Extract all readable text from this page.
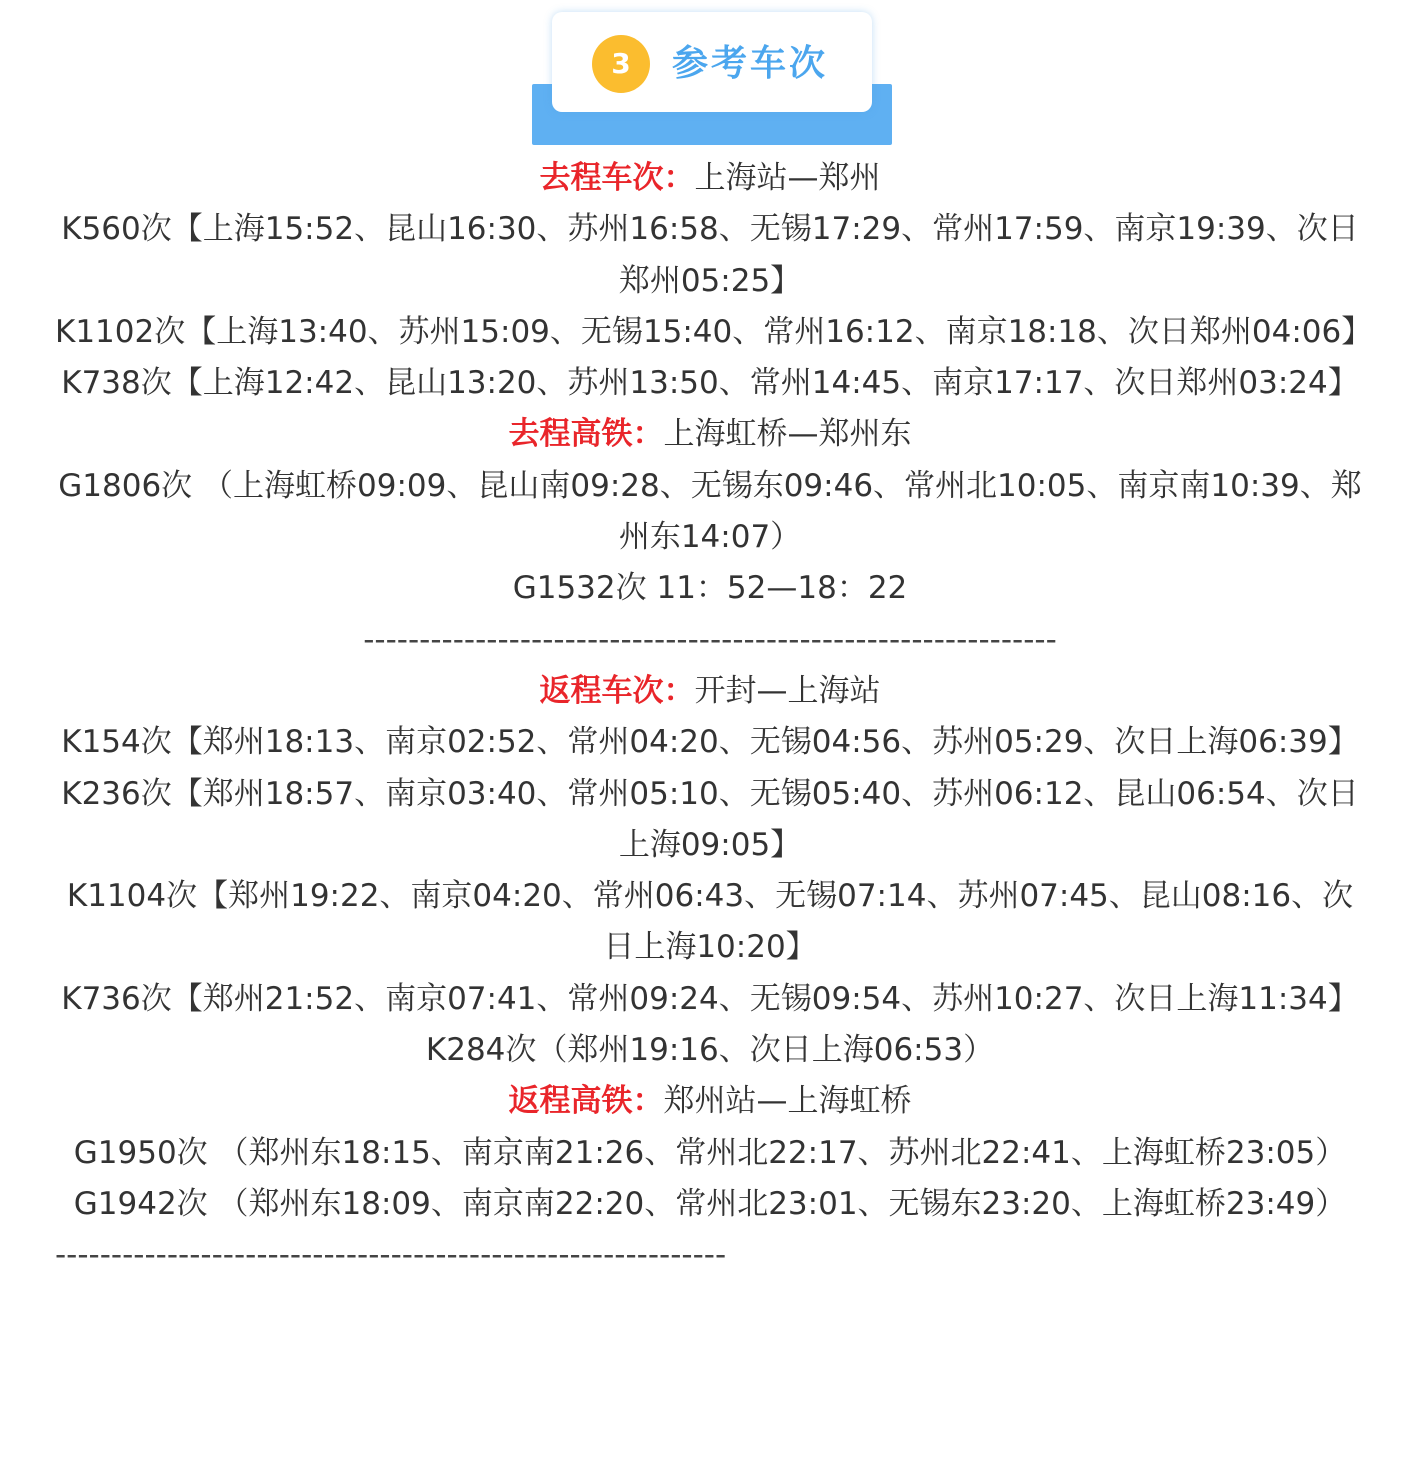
3	参考车次

去程车次：上海站—郑州

K560次【上海15:52、昆山16:30、苏州16:58、无锡17:29、常州17:59、南京19:39、次日郑州05:25】

K1102次【上海13:40、苏州15:09、无锡15:40、常州16:12、南京18:18、次日郑州04:06】

K738次【上海12:42、昆山13:20、苏州13:50、常州14:45、南京17:17、次日郑州03:24】

去程高铁：上海虹桥—郑州东

G1806次 （上海虹桥09:09、昆山南09:28、无锡东09:46、常州北10:05、南京南10:39、郑州东14:07）

G1532次 11：52—18：22

--------------------------------------------------------------

返程车次：开封—上海站

K154次【郑州18:13、南京02:52、常州04:20、无锡04:56、苏州05:29、次日上海06:39】

K236次【郑州18:57、南京03:40、常州05:10、无锡05:40、苏州06:12、昆山06:54、次日上海09:05】

K1104次【郑州19:22、南京04:20、常州06:43、无锡07:14、苏州07:45、昆山08:16、次日上海10:20】

K736次【郑州21:52、南京07:41、常州09:24、无锡09:54、苏州10:27、次日上海11:34】

K284次（郑州19:16、次日上海06:53）

返程高铁：郑州站—上海虹桥

G1950次 （郑州东18:15、南京南21:26、常州北22:17、苏州北22:41、上海虹桥23:05）

G1942次 （郑州东18:09、南京南22:20、常州北23:01、无锡东23:20、上海虹桥23:49）

------------------------------------------------------------
